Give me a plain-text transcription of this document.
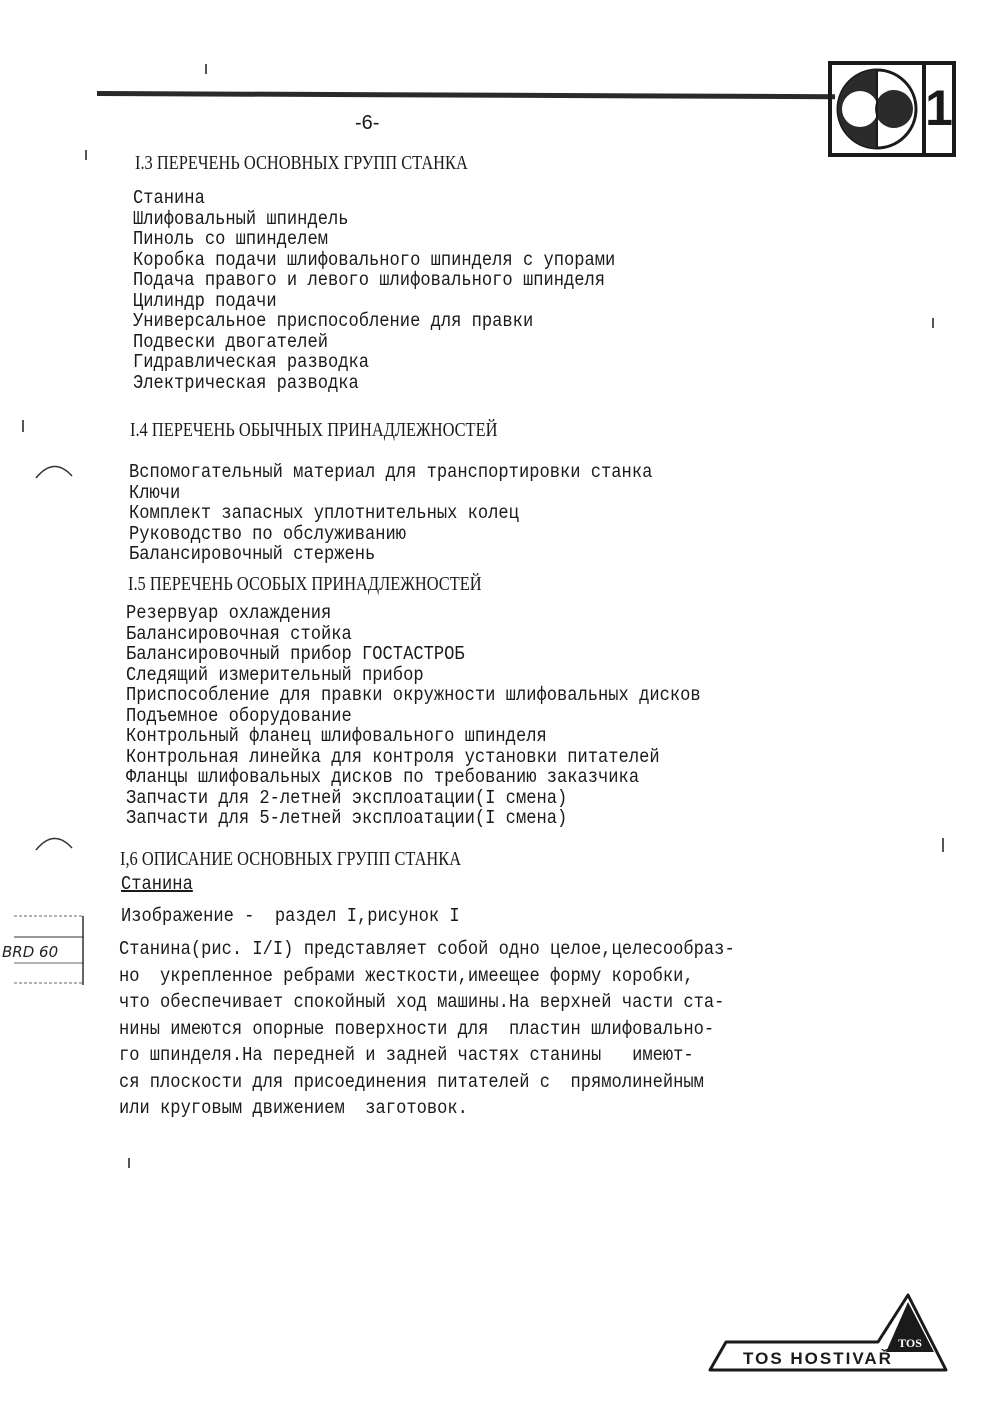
1
-6-
I.3 ПЕРЕЧЕНЬ ОСНОВНЫХ ГРУПП СТАНКА
Станина
Шлифовальный шпиндель
Пиноль со шпинделем
Коробка подачи шлифовального шпинделя с упорами
Подача правого и левого шлифовального шпинделя
Цилиндр подачи
Универсальное приспособление для правки
Подвески двогателей
Гидравлическая разводка
Электрическая разводка
I.4 ПЕРЕЧЕНЬ ОБЫЧНЫХ ПРИНАДЛЕЖНОСТЕЙ
Вспомогательный материал для транспортировки станка
Ключи
Комплект запасных уплотнительных колец
Руководство по обслуживанию
Балансировочный стержень
I.5 ПЕРЕЧЕНЬ ОСОБЫХ ПРИНАДЛЕЖНОСТЕЙ
Резервуар охлаждения
Балансировочная стойка
Балансировочный прибор ГОСТАСТРОБ
Следящий измерительный прибор
Приспособление для правки окружности шлифовальных дисков
Подъемное оборудование
Контрольный фланец шлифовального шпинделя
Контрольная линейка для контроля установки питателей
Фланцы шлифовальных дисков по требованию заказчика
Запчасти для 2-летней эксплоатации(I смена)
Запчасти для 5-летней эксплоатации(I смена)
I,6 ОПИСАНИЕ ОСНОВНЫХ ГРУПП СТАНКА
Станина
Изображение -  раздел I,рисунок I
Станина(рис. I/I) представляет собой одно целое,целесообраз-
но  укрепленное ребрами жесткости,имеещее форму коробки,
что обеспечивает спокойный ход машины.На верхней части ста-
нины имеются опорные поверхности для  пластин шлифовально-
го шпинделя.На передней и задней частях станины   имеют-
ся плоскости для присоединения питателей с  прямолинейным
или круговым движением  заготовок.
BRD 60
TOS
TOS HOSTIVAŘ
